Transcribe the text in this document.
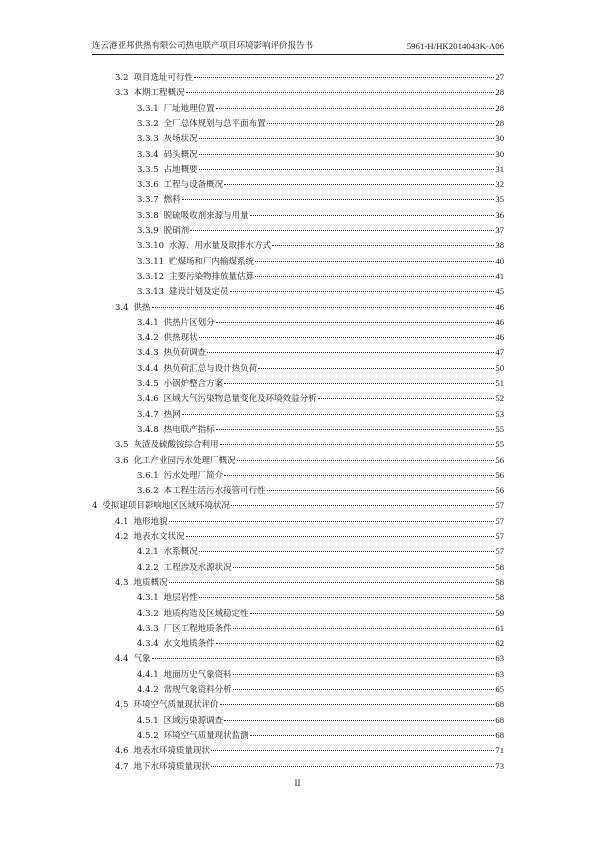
连云港亚邦供热有限公司热电联产项目环境影响评价报告书	5961-H/HK2014043K-A06
3.2 项目选址可行性	27
3.3 本期工程概况	28
3.3.1 厂址地理位置	28
3.3.2 全厂总体规划与总平面布置	28
3.3.3 灰场状况	30
3.3.4 码头概况	30
3.3.5 占地概要	31
3.3.6 工程与设备概况	32
3.3.7 燃料	35
3.3.8 脱硫吸收剂来源与用量	36
3.3.9 脱硝剂	37
3.3.10 水源、用水量及取排水方式	38
3.3.11 贮煤场和厂内输煤系统	40
3.3.12 主要污染物排放量估算	41
3.3.13 建设计划及定员	45
3.4 供热	46
3.4.1 供热片区划分	46
3.4.2 供热现状	46
3.4.3 热负荷调查	47
3.4.4 热负荷汇总与设计热负荷	50
3.4.5 小锅炉整合方案	51
3.4.6 区域大气污染物总量变化及环境效益分析	52
3.4.7 热网	53
3.4.8 热电联产指标	55
3.5 灰渣及硫酸铵综合利用	55
3.6 化工产业园污水处理厂概况	56
3.6.1 污水处理厂简介	56
3.6.2 本工程生活污水接管可行性	56
4 受拟建项目影响地区区域环境状况	57
4.1 地形地貌	57
4.2 地表水文状况	57
4.2.1 水系概况	57
4.2.2 工程涉及水源状况	58
4.3 地质概况	58
4.3.1 地层岩性	58
4.3.2 地质构造及区域稳定性	59
4.3.3 厂区工程地质条件	61
4.3.4 水文地质条件	62
4.4 气象	63
4.4.1 地面历史气象资料	63
4.4.2 常规气象资料分析	65
4.5 环境空气质量现状评价	68
4.5.1 区域污染源调查	68
4.5.2 环境空气质量现状监测	68
4.6 地表水环境质量现状	71
4.7 地下水环境质量现状	73
II
